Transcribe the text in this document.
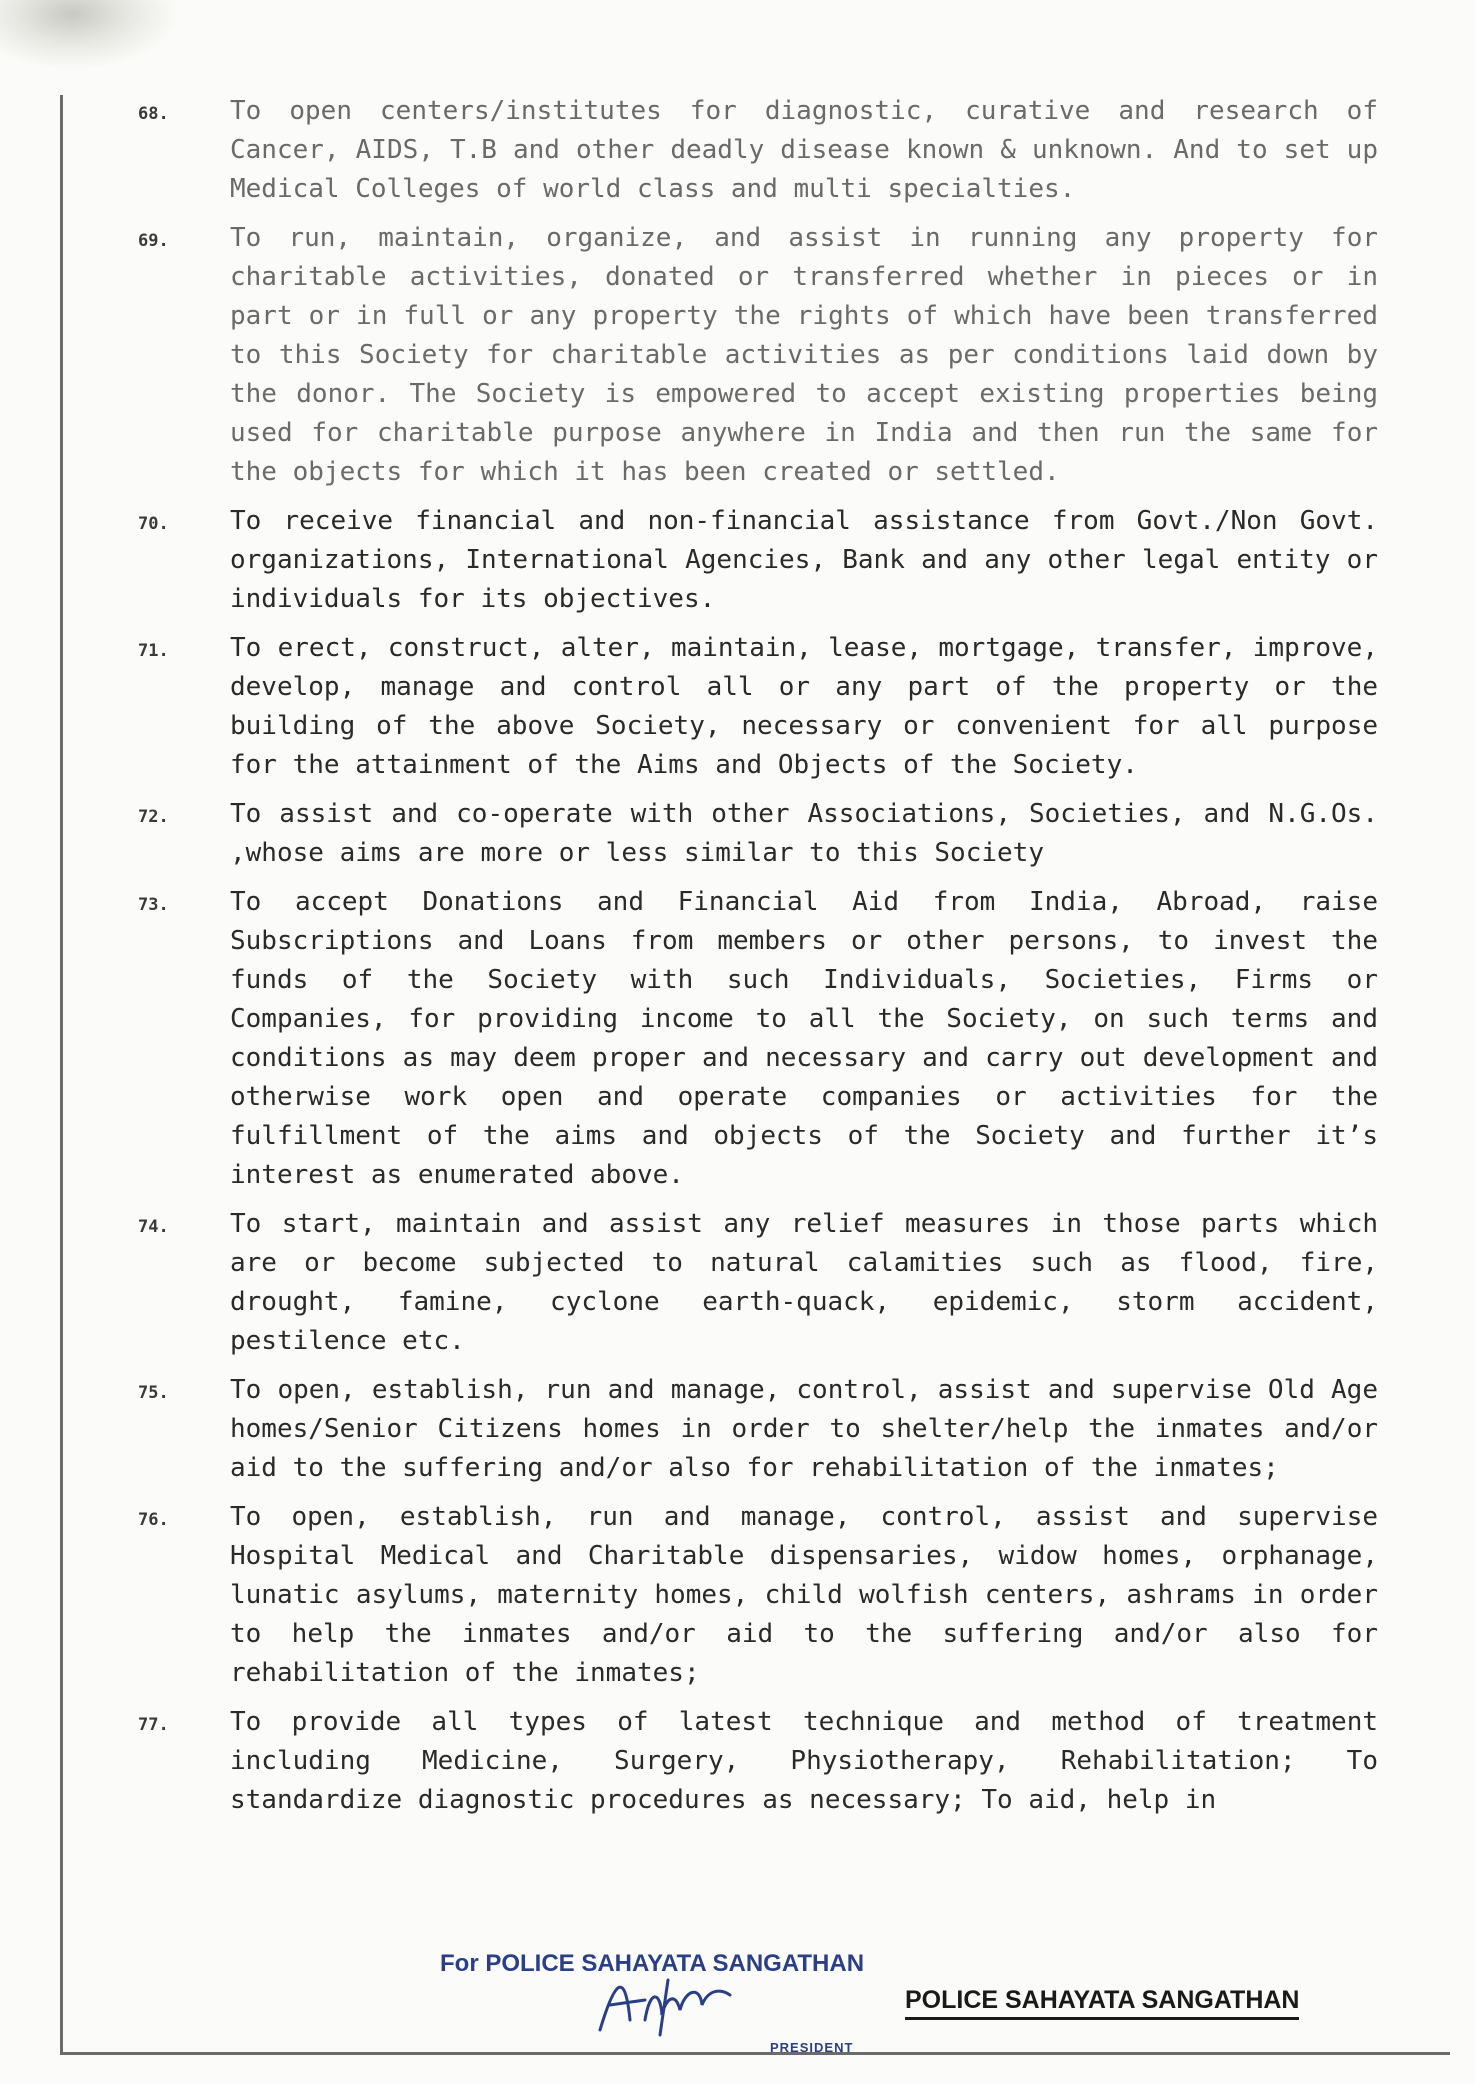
68.	To open centers/institutes for diagnostic, curative and research of Cancer, AIDS, T.B and other deadly disease known & unknown. And to set up Medical Colleges of world class and multi specialties.
69.	To run, maintain, organize, and assist in running any property for charitable activities, donated or transferred whether in pieces or in part or in full or any property the rights of which have been transferred to this Society for charitable activities as per conditions laid down by the donor. The Society is empowered to accept existing properties being used for charitable purpose anywhere in India and then run the same for the objects for which it has been created or settled.
70.	To receive financial and non-financial assistance from Govt./Non Govt. organizations, International Agencies, Bank and any other legal entity or individuals for its objectives.
71.	To erect, construct, alter, maintain, lease, mortgage, transfer, improve, develop, manage and control all or any part of the property or the building of the above Society, necessary or convenient for all purpose for the attainment of the Aims and Objects of the Society.
72.	To assist and co-operate with other Associations, Societies, and N.G.Os. ,whose aims are more or less similar to this Society
73.	To accept Donations and Financial Aid from India, Abroad, raise Subscriptions and Loans from members or other persons, to invest the funds of the Society with such Individuals, Societies, Firms or Companies, for providing income to all the Society, on such terms and conditions as may deem proper and necessary and carry out development and otherwise work open and operate companies or activities for the fulfillment of the aims and objects of the Society and further it’s interest as enumerated above.
74.	To start, maintain and assist any relief measures in those parts which are or become subjected to natural calamities such as flood, fire, drought, famine, cyclone earth-quack, epidemic, storm accident, pestilence etc.
75.	To open, establish, run and manage, control, assist and supervise Old Age homes/Senior Citizens homes in order to shelter/help the inmates and/or aid to the suffering and/or also for rehabilitation of the inmates;
76.	To open, establish, run and manage, control, assist and supervise Hospital Medical and Charitable dispensaries, widow homes, orphanage, lunatic asylums, maternity homes, child wolfish centers, ashrams in order to help the inmates and/or aid to the suffering and/or also for rehabilitation of the inmates;
77.	To provide all types of latest technique and method of treatment including Medicine, Surgery, Physiotherapy, Rehabilitation; To standardize diagnostic procedures as necessary; To aid, help in
For POLICE SAHAYATA SANGATHAN
PRESIDENT
POLICE SAHAYATA SANGATHAN
